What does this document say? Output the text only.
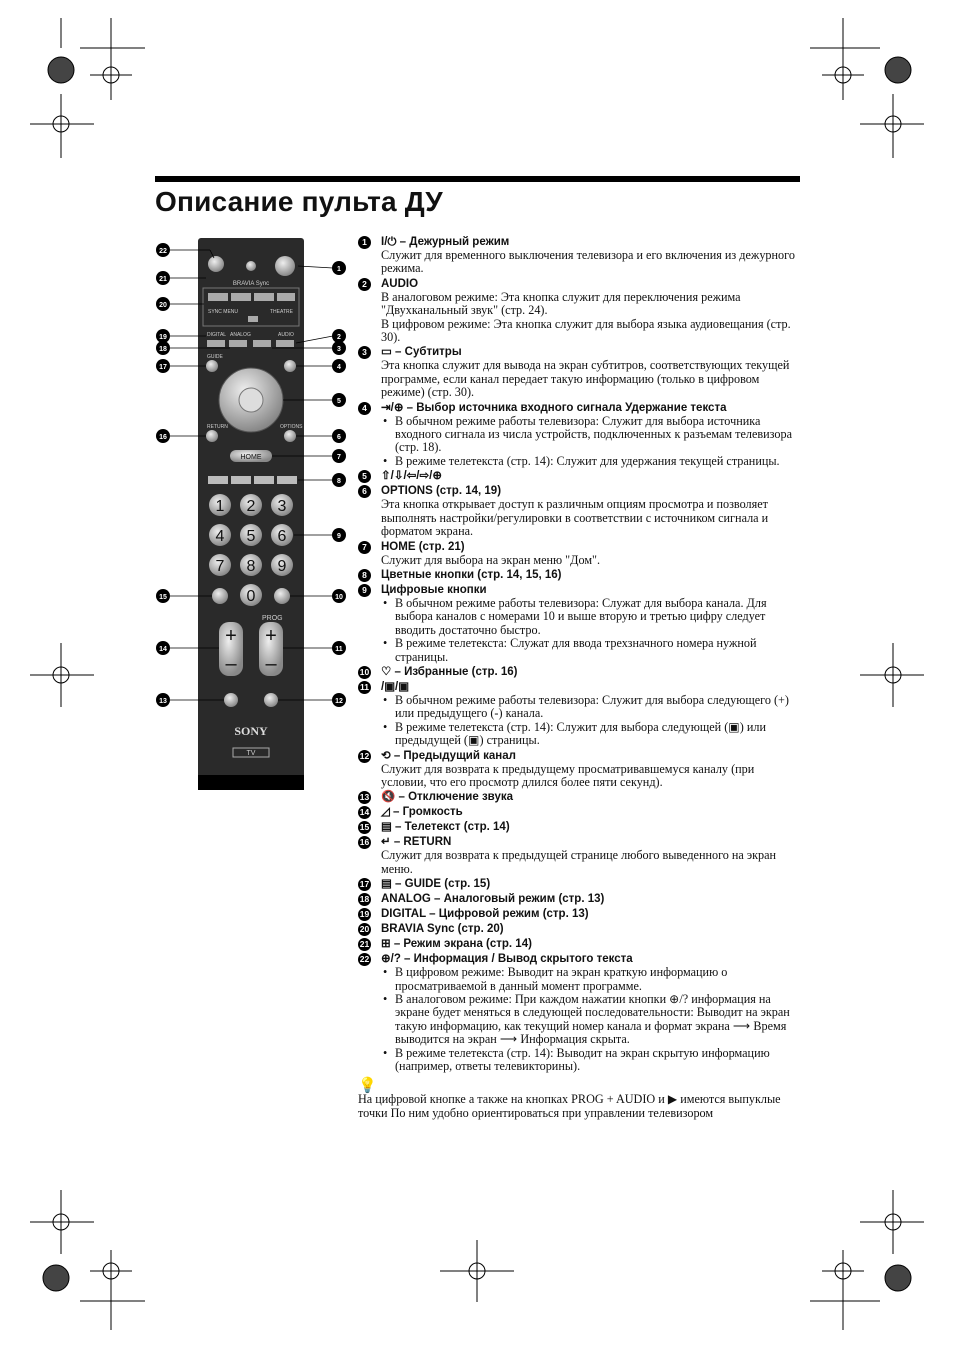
Описание пульта ДУ
BRAVIA Sync
SYNC MENU	THEATRE
DIGITAL ANALOG	AUDIO
GUIDE
RETURN	OPTIONS
HOME
1 2 3
4 5 6
7 8 9
0
PROG
+
–
+
–
SONY
TV
22
21
20
19
18
17
16
15
14
13
1
2
3
4
5
6
7
8
9
10
11
12
1	I/⏻ – Дежурный режим

Служит для временного выключения телевизора и его включения из дежурного режима.

2	AUDIO

В аналоговом режиме: Эта кнопка служит для переключения режима "Двухканальный звук" (стр. 24).

В цифровом режиме: Эта кнопка служит для выбора языка аудиовещания (стр. 30).

3	▭ – Субтитры

Эта кнопка служит для вывода на экран субтитров, соответствующих текущей программе, если канал передает такую информацию (только в цифровом режиме) (стр. 30).

4	⇥/⊕ – Выбор источника входного сигнала Удержание текста

• В обычном режиме работы телевизора: Служит для выбора источника входного сигнала из числа устройств, подключенных к разъемам телевизора (стр. 18).

• В режиме телетекста (стр. 14): Служит для удержания текущей страницы.

5	⇧/⇩/⇦/⇨/⊕
6	OPTIONS (стр. 14, 19)

Эта кнопка открывает доступ к различным опциям просмотра и позволяет выполнять настройки/регулировки в соответствии с источником сигнала и форматом экрана.

7	HOME (стр. 21)

Служит для выбора на экран меню "Дом".

8	Цветные кнопки (стр. 14, 15, 16)
9	Цифровые кнопки

• В обычном режиме работы телевизора: Служат для выбора канала. Для выбора каналов с номерами 10 и выше вторую и третью цифру следует вводить достаточно быстро.

• В режиме телетекста: Служат для ввода трехзначного номера нужной страницы.

10 ♡ – Избранные (стр. 16)
11 /▣/▣

• В обычном режиме работы телевизора: Служит для выбора следующего (+) или предыдущего (-) канала.

• В режиме телетекста (стр. 14): Служит для выбора следующей (▣) или предыдущей (▣) страницы.

12 ⟲ – Предыдущий канал

Служит для возврата к предыдущему просматривавшемуся каналу (при условии, что его просмотр длился более пяти секунд).

13 🔇 – Отключение звука
14 ◿ – Громкость
15 ▤ – Телетекст (стр. 14)
16 ↵ – RETURN

Служит для возврата к предыдущей странице любого выведенного на экран меню.

17 ▤ – GUIDE (стр. 15)
18 ANALOG – Аналоговый режим (стр. 13)
19 DIGITAL – Цифровой режим (стр. 13)
20 BRAVIA Sync (стр. 20)
21 ⊞ – Режим экрана (стр. 14)
22 ⊕/? – Информация / Вывод скрытого текста

• В цифровом режиме: Выводит на экран краткую информацию о просматриваемой в данный момент программе.

• В аналоговом режиме: При каждом нажатии кнопки ⊕/? информация на экране будет меняться в следующей последовательности: Выводит на экран такую информацию, как текущий номер канала и формат экрана ⟶ Время выводится на экран ⟶ Информация скрыта.

• В режиме телетекста (стр. 14): Выводит на экран скрытую информацию (например, ответы телевикторины).

💡

На цифровой кнопке а также на кнопках PROG + AUDIO и ▶ имеются выпуклые точки По ним удобно ориентироваться при управлении телевизором
